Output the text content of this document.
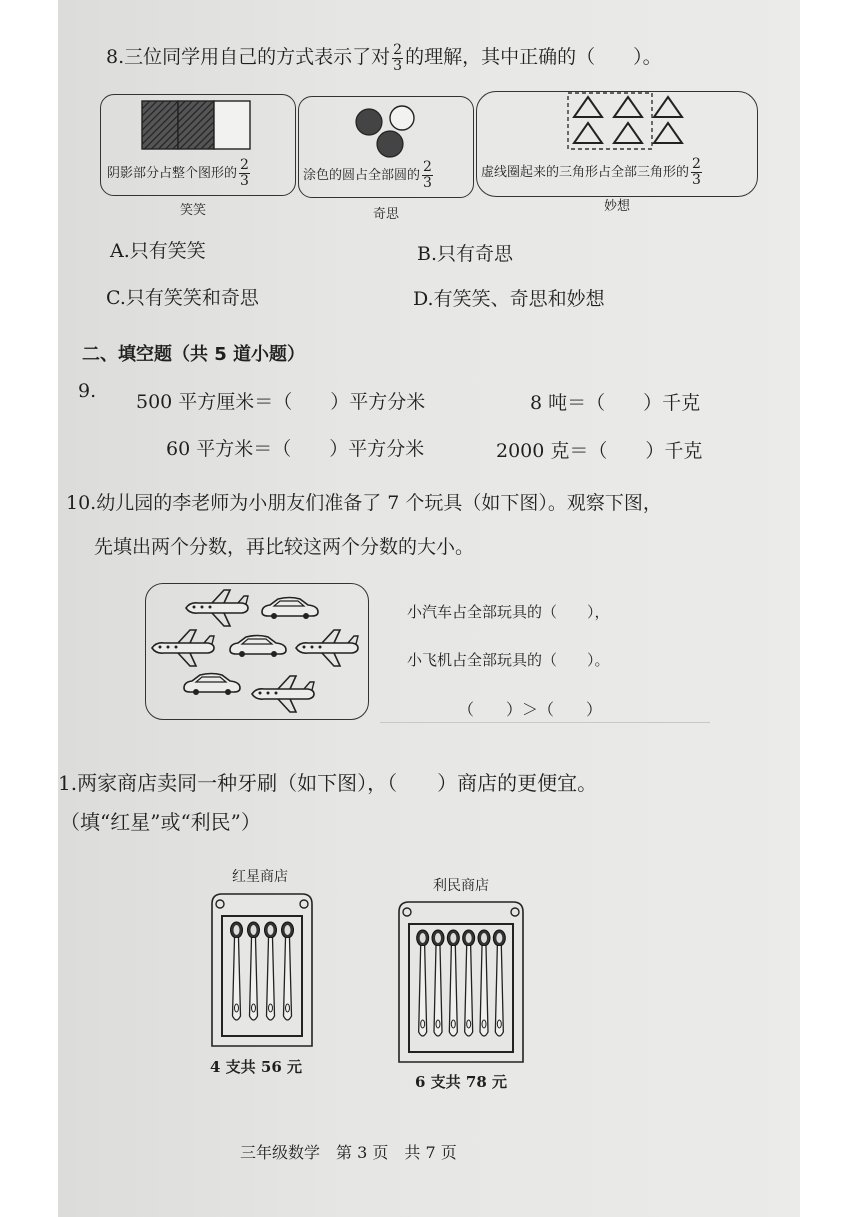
8.三位同学用自己的方式表示了对 $\frac{2}{3}$ 的理解，其中正确的（　　）。
阴影部分占整个图形的 $\frac{2}{3}$
笑笑
涂色的圆占全部圆的 $\frac{2}{3}$
奇思
虚线圈起来的三角形占全部三角形的 $\frac{2}{3}$
妙想
A.只有笑笑	B.只有奇思
C.只有笑笑和奇思	D.有笑笑、奇思和妙想
二、填空题（共 5 道小题）
9. 500 平方厘米＝（　　）平方分米	8 吨＝（　　）千克
60 平方米＝（　　）平方分米	2000 克＝（　　）千克
10.幼儿园的李老师为小朋友们准备了 7 个玩具（如下图）。观察下图，
先填出两个分数，再比较这两个分数的大小。
小汽车占全部玩具的（　　），
小飞机占全部玩具的（　　）。
（　　）＞（　　）
1.两家商店卖同一种牙刷（如下图），（　　）商店的更便宜。
（填“红星”或“利民”）
红星商店
4 支共 56 元
利民商店
6 支共 78 元
三年级数学　第 3 页　共 7 页
